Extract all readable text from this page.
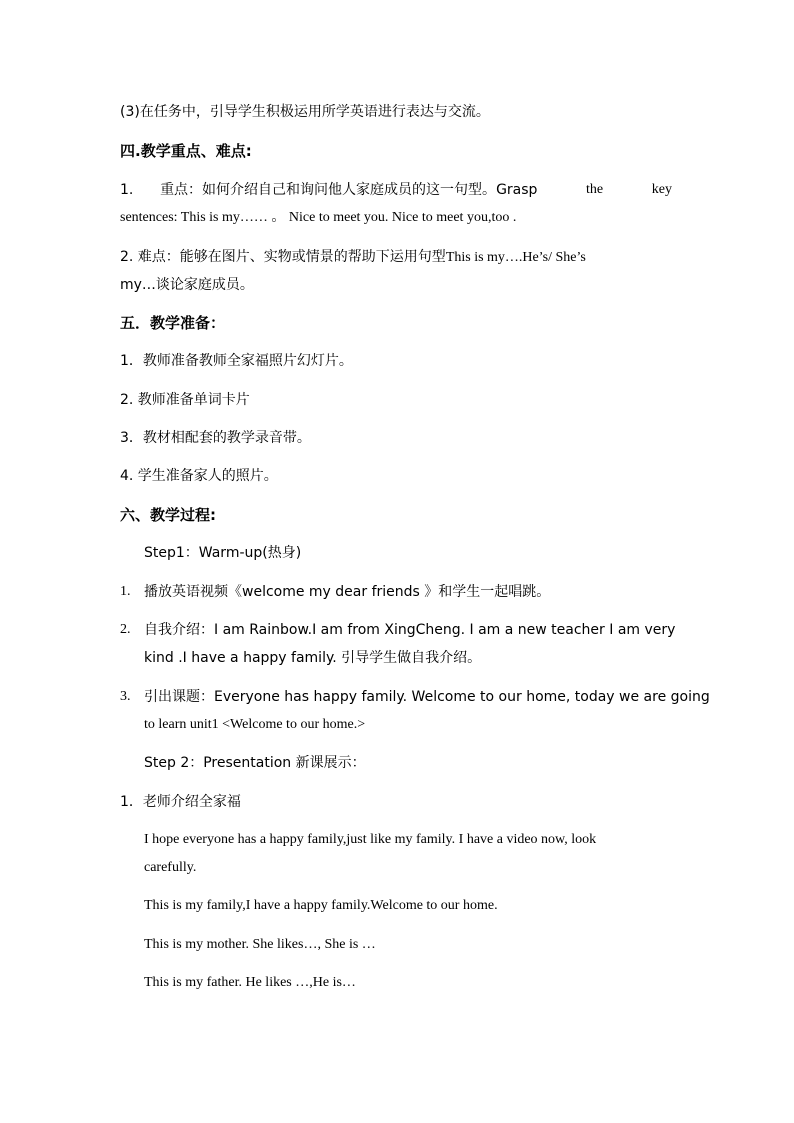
(3)在任务中，引导学生积极运用所学英语进行表达与交流。
四.教学重点、难点:
1. 重点：如何介绍自己和询问他人家庭成员的这一句型。Grasp	the	key
sentences: This is my…… 。 Nice to meet you. Nice to meet you,too .
2. 难点：能够在图片、实物或情景的帮助下运用句型This is my….He’s/ She’s
my…谈论家庭成员。
五．教学准备：
1．教师准备教师全家福照片幻灯片。
2. 教师准备单词卡片
3．教材相配套的教学录音带。
4. 学生准备家人的照片。
六、教学过程:
Step1：Warm-up(热身)
1. 播放英语视频《welcome my dear friends 》和学生一起唱跳。
2. 自我介绍：I am Rainbow.I am from XingCheng. I am a new teacher I am very
kind .I have a happy family. 引导学生做自我介绍。
3. 引出课题：Everyone has happy family. Welcome to our home, today we are going
to learn unit1 <Welcome to our home.>
Step 2：Presentation 新课展示：
1．老师介绍全家福
I hope everyone has a happy family,just like my family. I have a video now, look
carefully.
This is my family,I have a happy family.Welcome to our home.
This is my mother. She likes…, She is …
This is my father. He likes …,He is…
